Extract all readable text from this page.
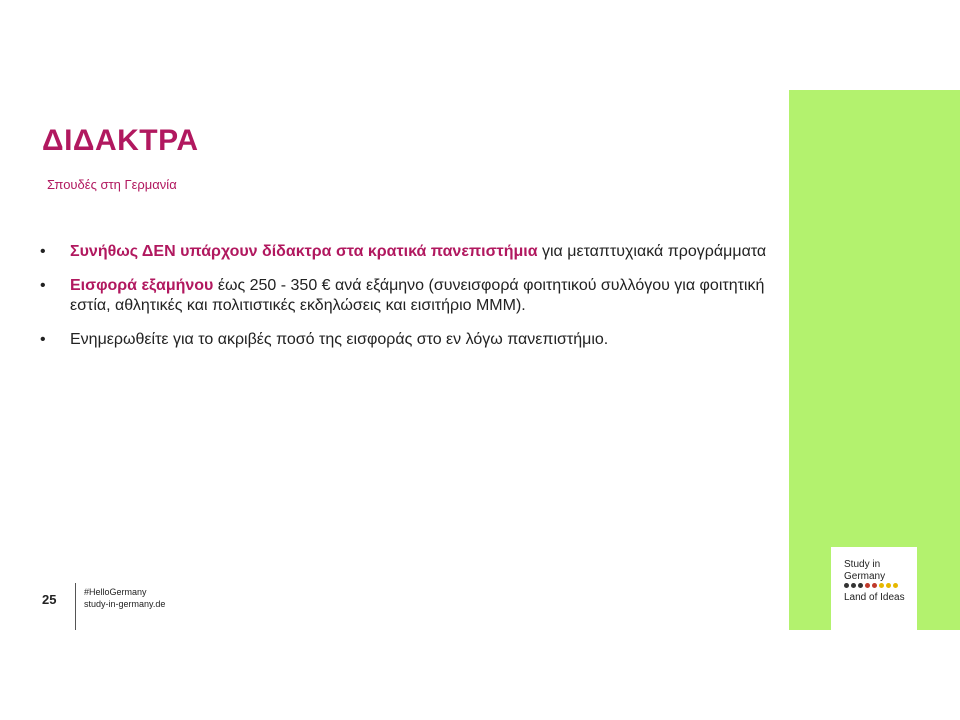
ΔΙΔΑΚΤΡΑ
Σπουδές στη Γερμανία
•	Συνήθως ΔΕΝ υπάρχουν δίδακτρα στα κρατικά πανεπιστήμια για μεταπτυχιακά προγράμματα
•	Εισφορά εξαμήνου έως 250 - 350 € ανά εξάμηνο (συνεισφορά φοιτητικού συλλόγου για φοιτητική εστία, αθλητικές και πολιτιστικές εκδηλώσεις και εισιτήριο ΜΜΜ).
•	Ενημερωθείτε για το ακριβές ποσό της εισφοράς στο εν λόγω πανεπιστήμιο.
25	#HelloGermany
study-in-germany.de
Study in
Germany
Land of Ideas
